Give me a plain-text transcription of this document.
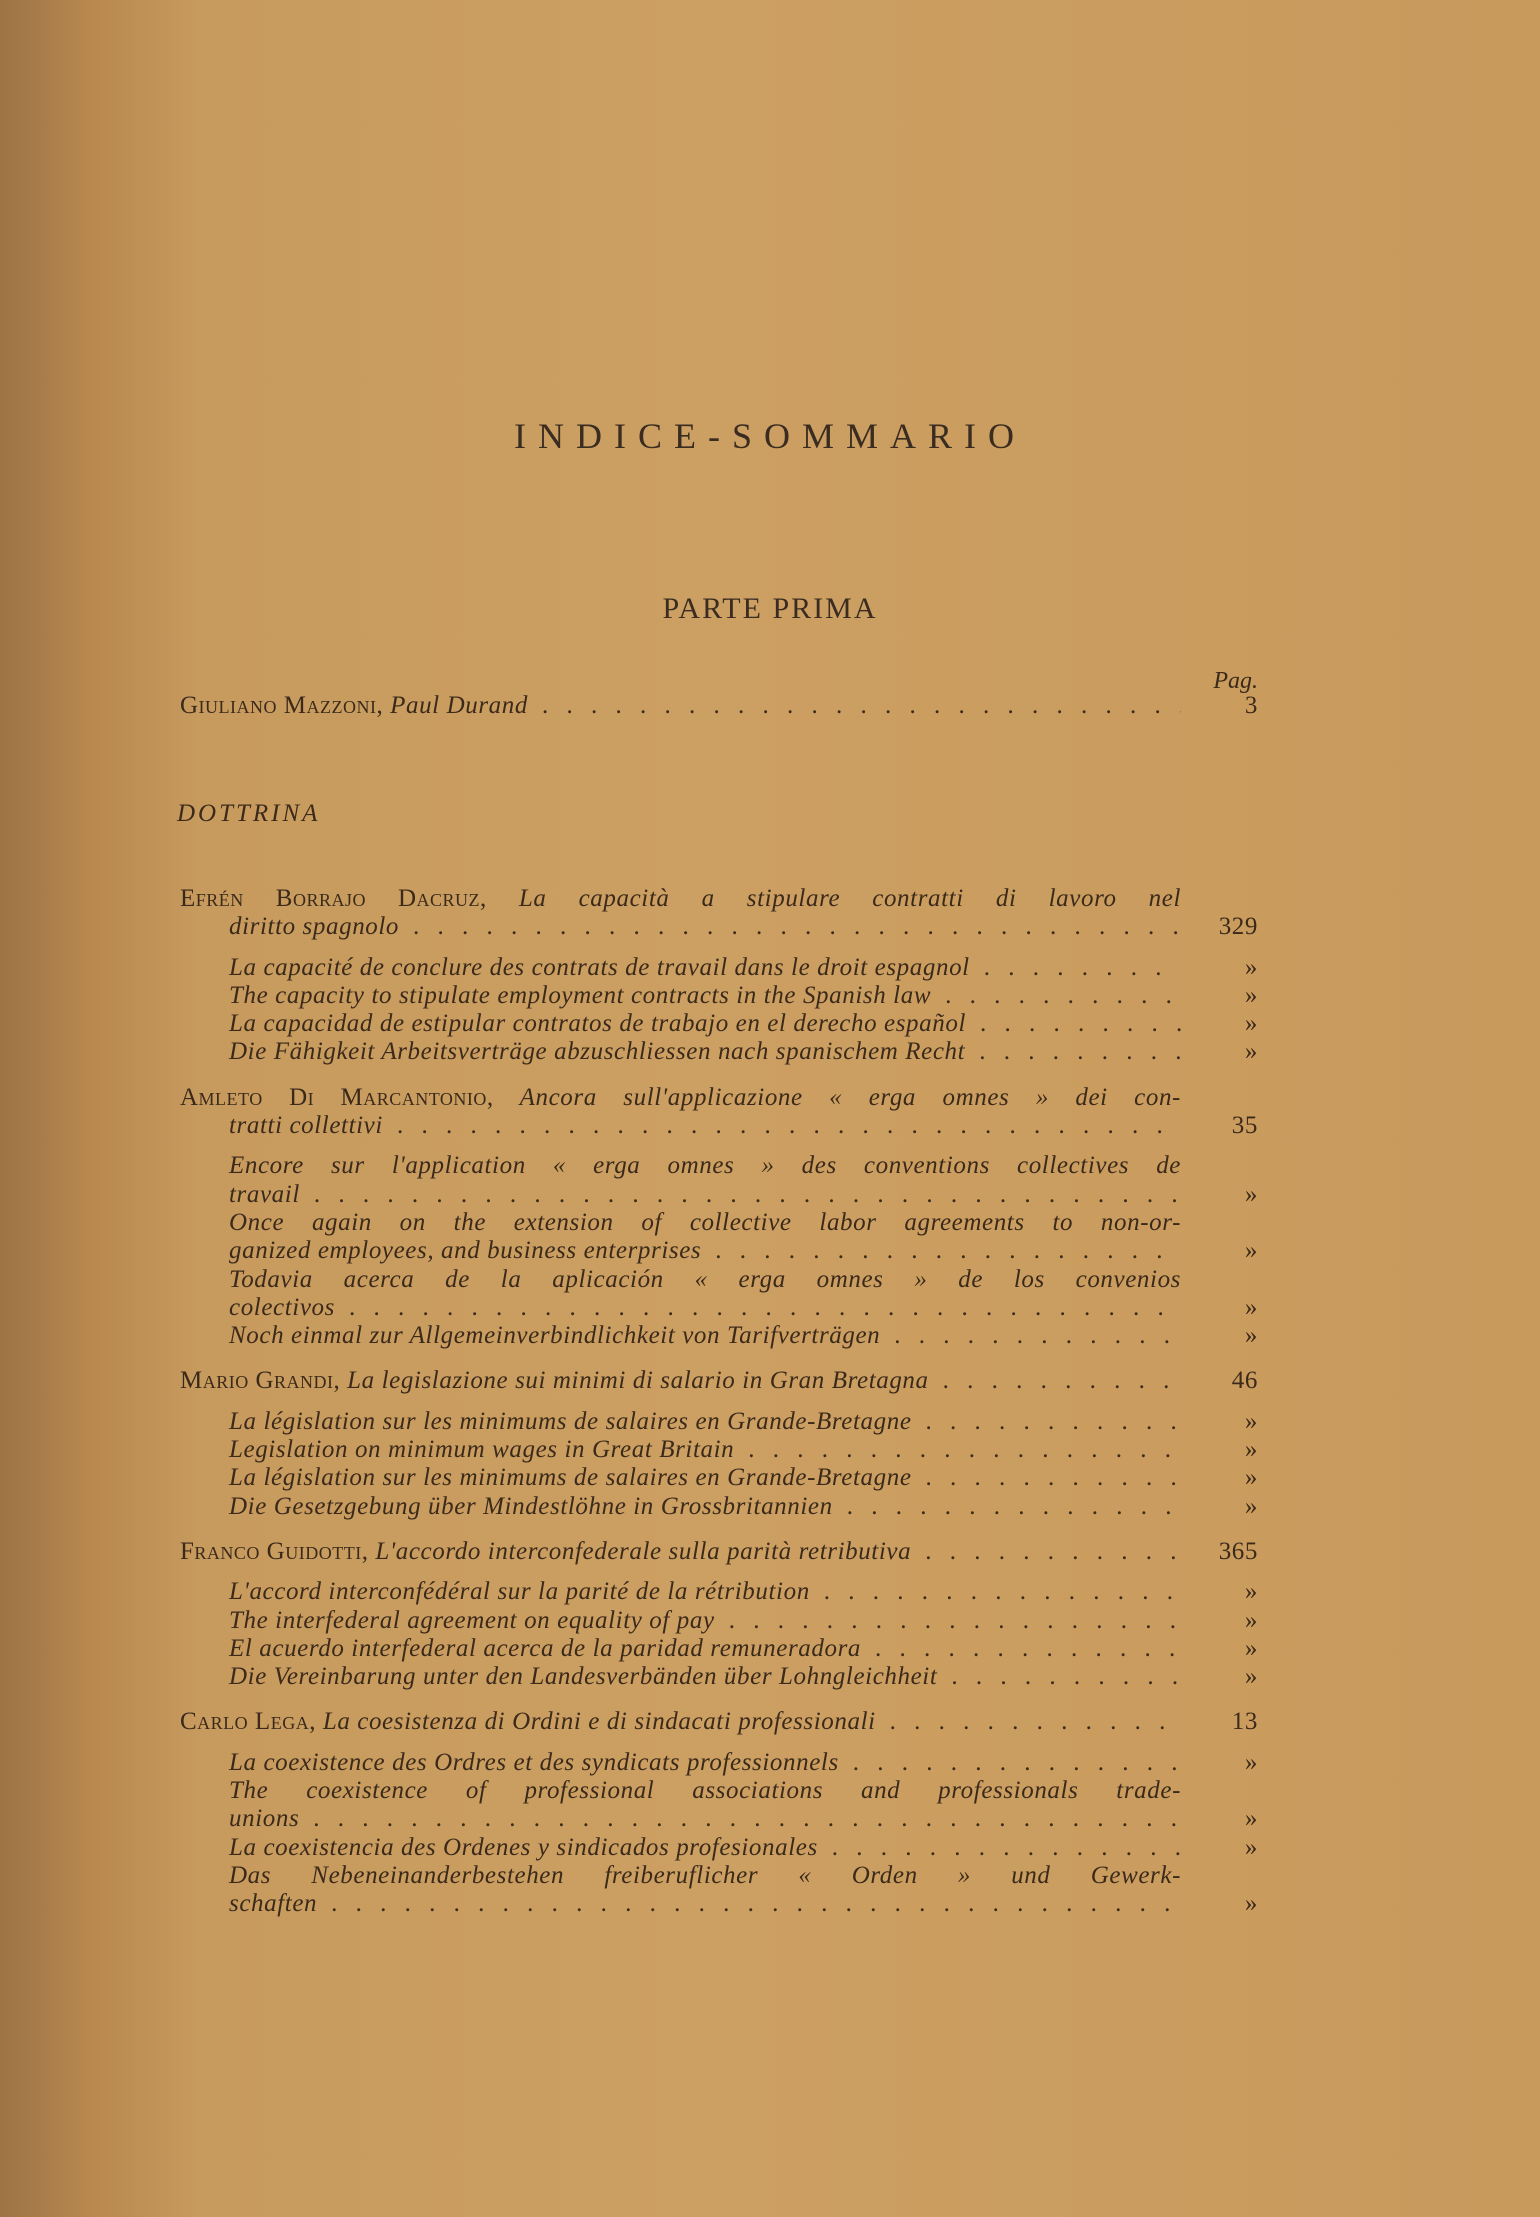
INDICE-SOMMARIO
PARTE PRIMA
Pag.
Giuliano Mazzoni, Paul Durand	3
DOTTRINA
Efrén Borrajo Dacruz, La capacità a stipulare contratti di lavoro nel
diritto spagnolo	329
La capacité de conclure des contrats de travail dans le droit espagnol	»
The capacity to stipulate employment contracts in the Spanish law	»
La capacidad de estipular contratos de trabajo en el derecho español	»
Die Fähigkeit Arbeitsverträge abzuschliessen nach spanischem Recht	»
Amleto Di Marcantonio, Ancora sull'applicazione « erga omnes » dei con-
tratti collettivi	35
Encore sur l'application « erga omnes » des conventions collectives de
travail	»
Once again on the extension of collective labor agreements to non-or-
ganized employees, and business enterprises	»
Todavia acerca de la aplicación « erga omnes » de los convenios
colectivos	»
Noch einmal zur Allgemeinverbindlichkeit von Tarifverträgen	»
Mario Grandi, La legislazione sui minimi di salario in Gran Bretagna	46
La législation sur les minimums de salaires en Grande-Bretagne	»
Legislation on minimum wages in Great Britain	»
La législation sur les minimums de salaires en Grande-Bretagne	»
Die Gesetzgebung über Mindestlöhne in Grossbritannien	»
Franco Guidotti, L'accordo interconfederale sulla parità retributiva	365
L'accord interconfédéral sur la parité de la rétribution	»
The interfederal agreement on equality of pay	»
El acuerdo interfederal acerca de la paridad remuneradora	»
Die Vereinbarung unter den Landesverbänden über Lohngleichheit	»
Carlo Lega, La coesistenza di Ordini e di sindacati professionali	13
La coexistence des Ordres et des syndicats professionnels	»
The coexistence of professional associations and professionals trade-
unions	»
La coexistencia des Ordenes y sindicados profesionales	»
Das Nebeneinanderbestehen freiberuflicher « Orden » und Gewerk-
schaften	»
